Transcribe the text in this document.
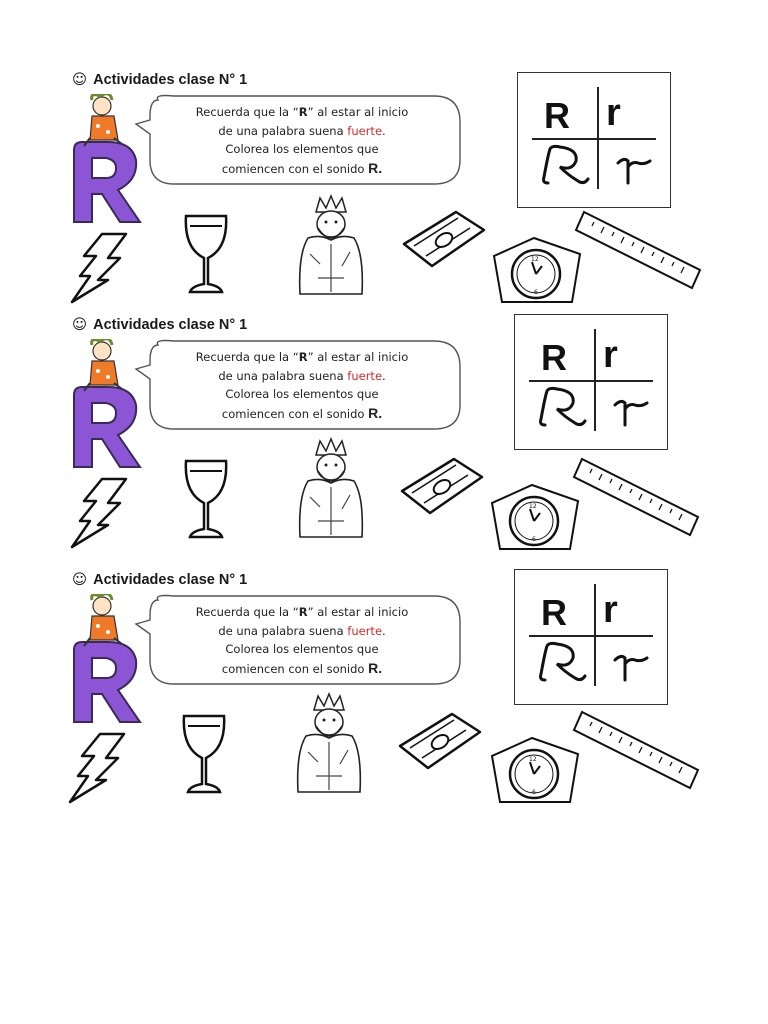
☺ Actividades clase N° 1
Recuerda que la “R” al estar al inicio
de una palabra suena fuerte.
Colorea los elementos que
comiencen con el sonido R.
12
6
R r
☺ Actividades clase N° 1
Recuerda que la “R” al estar al inicio
de una palabra suena fuerte.
Colorea los elementos que
comiencen con el sonido R.
12
6
R r
☺ Actividades clase N° 1
Recuerda que la “R” al estar al inicio
de una palabra suena fuerte.
Colorea los elementos que
comiencen con el sonido R.
12
6
R r
